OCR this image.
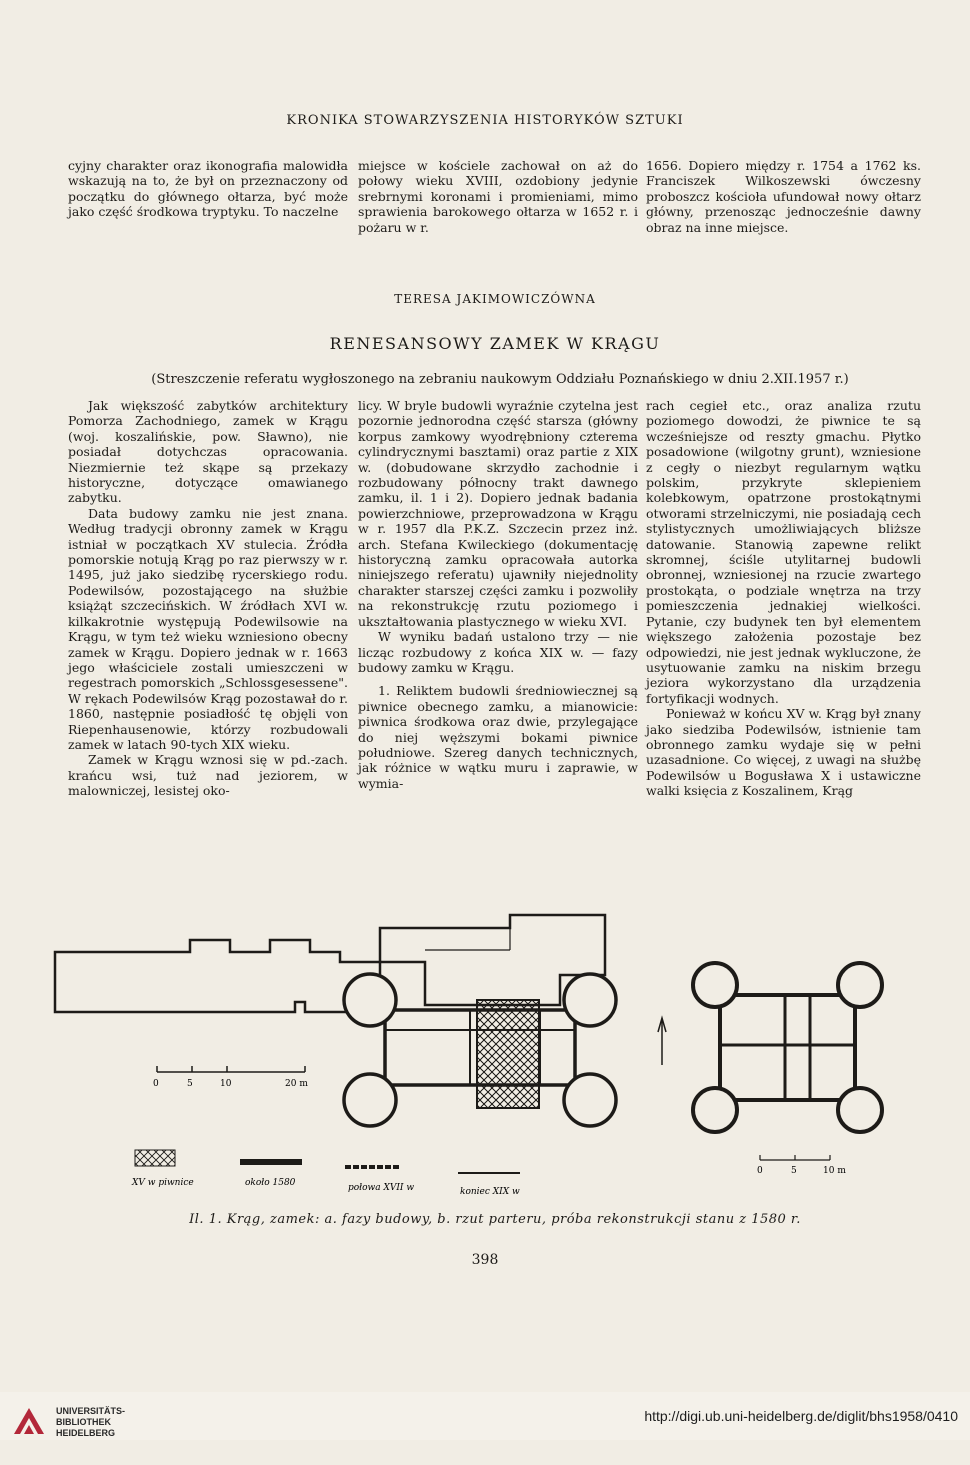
KRONIKA STOWARZYSZENIA HISTORYKÓW SZTUKI

cyjny charakter oraz ikonografia malowidła wskazują na to, że był on przeznaczony od początku do głównego ołtarza, być może jako część środkowa tryptyku. To naczelne

miejsce w kościele zachował on aż do połowy wieku XVIII, ozdobiony jedynie srebrnymi koronami i promieniami, mimo sprawienia barokowego ołtarza w 1652 r. i pożaru w r.

1656. Dopiero między r. 1754 a 1762 ks. Franciszek Wilkoszewski ówczesny proboszcz kościoła ufundował nowy ołtarz główny, przenosząc jednocześnie dawny obraz na inne miejsce.

TERESA JAKIMOWICZÓWNA
RENESANSOWY ZAMEK W KRĄGU
(Streszczenie referatu wygłoszonego na zebraniu naukowym Oddziału Poznańskiego w dniu 2.XII.1957 r.)

Jak większość zabytków architektury Pomorza Zachodniego, zamek w Krągu (woj. koszalińskie, pow. Sławno), nie posiadał dotychczas opracowania. Niezmiernie też skąpe są przekazy historyczne, dotyczące omawianego zabytku.

Data budowy zamku nie jest znana. Według tradycji obronny zamek w Krągu istniał w początkach XV stulecia. Źródła pomorskie notują Krąg po raz pierwszy w r. 1495, już jako siedzibę rycerskiego rodu. Podewilsów, pozostającego na służbie książąt szczecińskich. W źródłach XVI w. kilkakrotnie występują Podewilsowie na Krągu, w tym też wieku wzniesiono obecny zamek w Krągu. Dopiero jednak w r. 1663 jego właściciele zostali umieszczeni w regestrach pomorskich „Schlossgesessene". W rękach Podewilsów Krąg pozostawał do r. 1860, następnie posiadłość tę objęli von Riepenhausenowie, którzy rozbudowali zamek w latach 90-tych XIX wieku.

Zamek w Krągu wznosi się w pd.-zach. krańcu wsi, tuż nad jeziorem, w malowniczej, lesistej oko-

licy. W bryle budowli wyraźnie czytelna jest pozornie jednorodna część starsza (główny korpus zamkowy wyodrębniony czterema cylindrycznymi basztami) oraz partie z XIX w. (dobudowane skrzydło zachodnie i rozbudowany północny trakt dawnego zamku, il. 1 i 2). Dopiero jednak badania powierzchniowe, przeprowadzona w Krągu w r. 1957 dla P.K.Z. Szczecin przez inż. arch. Stefana Kwileckiego (dokumentację historyczną zamku opracowała autorka niniejszego referatu) ujawniły niejednolity charakter starszej części zamku i pozwoliły na rekonstrukcję rzutu poziomego i ukształtowania plastycznego w wieku XVI.

W wyniku badań ustalono trzy — nie licząc rozbudowy z końca XIX w. — fazy budowy zamku w Krągu.

1. Reliktem budowli średniowiecznej są piwnice obecnego zamku, a mianowicie: piwnica środkowa oraz dwie, przylegające do niej węższymi bokami piwnice południowe. Szereg danych technicznych, jak różnice w wątku muru i zaprawie, w wymia-

rach cegieł etc., oraz analiza rzutu poziomego dowodzi, że piwnice te są wcześniejsze od reszty gmachu. Płytko posadowione (wilgotny grunt), wzniesione z cegły o niezbyt regularnym wątku polskim, przykryte sklepieniem kolebkowym, opatrzone prostokątnymi otworami strzelniczymi, nie posiadają cech stylistycznych umożliwiających bliższe datowanie. Stanowią zapewne relikt skromnej, ściśle utylitarnej budowli obronnej, wzniesionej na rzucie zwartego prostokąta, o podziale wnętrza na trzy pomieszczenia jednakiej wielkości. Pytanie, czy budynek ten był elementem większego założenia pozostaje bez odpowiedzi, nie jest jednak wykluczone, że usytuowanie zamku na niskim brzegu jeziora wykorzystano dla urządzenia fortyfikacji wodnych.

Ponieważ w końcu XV w. Krąg był znany jako siedziba Podewilsów, istnienie tam obronnego zamku wydaje się w pełni uzasadnione. Co więcej, z uwagi na służbę Podewilsów u Bogusława X i ustawiczne walki księcia z Koszalinem, Krąg

0	5	10	20 m
0	5	10 m
XV w piwnice	około 1580	połowa XVII w	koniec XIX w
Il. 1. Krąg, zamek: a. fazy budowy, b. rzut parteru, próba rekonstrukcji stanu z 1580 r.
398
UNIVERSITÄTS-
BIBLIOTHEK
HEIDELBERG
http://digi.ub.uni-heidelberg.de/diglit/bhs1958/0410
